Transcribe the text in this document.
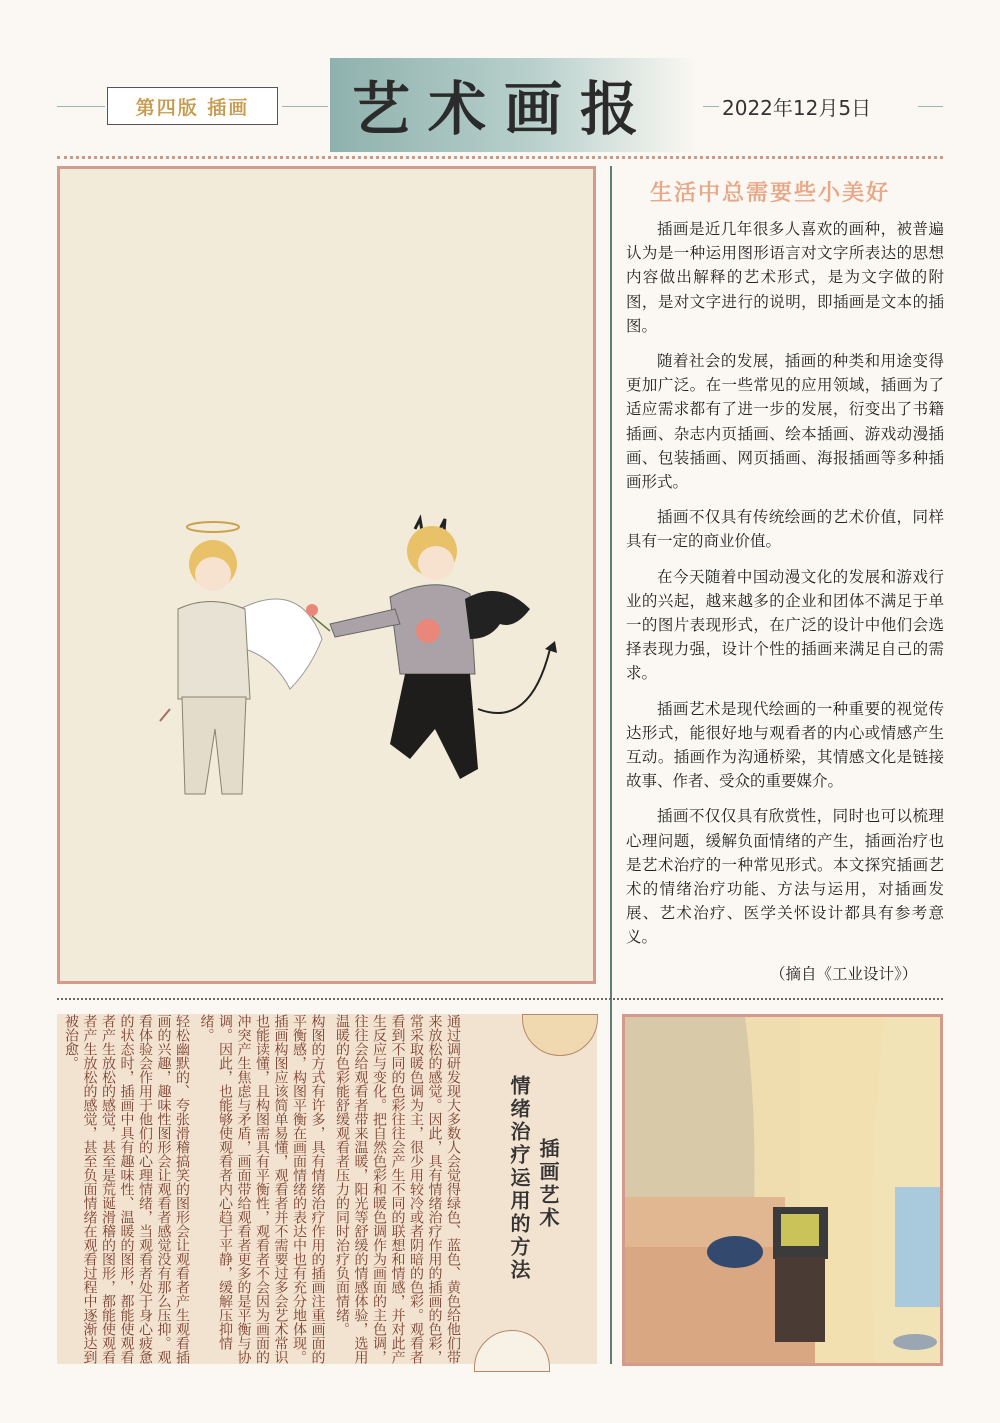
第四版 插画	艺术画报	2022年12月5日
生活中总需要些小美好

插画是近几年很多人喜欢的画种，被普遍认为是一种运用图形语言对文字所表达的思想内容做出解释的艺术形式，是为文字做的附图，是对文字进行的说明，即插画是文本的插图。

随着社会的发展，插画的种类和用途变得更加广泛。在一些常见的应用领域，插画为了适应需求都有了进一步的发展，衍变出了书籍插画、杂志内页插画、绘本插画、游戏动漫插画、包装插画、网页插画、海报插画等多种插画形式。

插画不仅具有传统绘画的艺术价值，同样具有一定的商业价值。

在今天随着中国动漫文化的发展和游戏行业的兴起，越来越多的企业和团体不满足于单一的图片表现形式，在广泛的设计中他们会选择表现力强，设计个性的插画来满足自己的需求。

插画艺术是现代绘画的一种重要的视觉传达形式，能很好地与观看者的内心或情感产生互动。插画作为沟通桥梁，其情感文化是链接故事、作者、受众的重要媒介。

插画不仅仅具有欣赏性，同时也可以梳理心理问题，缓解负面情绪的产生，插画治疗也是艺术治疗的一种常见形式。本文探究插画艺术的情绪治疗功能、方法与运用，对插画发展、艺术治疗、医学关怀设计都具有参考意义。

（摘自《工业设计》）

通过调研发现大多数人会觉得绿色、蓝色、黄色给他们带来放松的感觉。因此，具有情绪治疗作用的插画的色彩，常采取暖色调为主，很少用较冷或者阴暗的色彩。观看者看到不同的色彩往往会产生不同的联想和情感，并对此产生反应与变化。把自然色彩和暖色调作为画面的主色调，往往会给观看者带来温暖，阳光等舒缓的情感体验，选用温暖的色彩能舒缓观看者压力的同时治疗负面情绪。

构图的方式有许多，具有情绪治疗作用的插画注重画面的平衡感，构图平衡在画面情绪的表达中也有充分地体现。插画构图应该简单易懂，观看者并不需要过多会艺术常识也能读懂，且构图需具有平衡性，观看者不会因为画面的冲突产生焦虑与矛盾，画面带给观看者更多的是平衡与协调。因此，也能够使观看者内心趋于平静，缓解压抑情绪。

轻松幽默的、夸张滑稽搞笑的图形会让观看者产生观看插画的兴趣，趣味性图形会让观看者感觉没有那么压抑。观看体验会作用于他们的心理情绪，当观看者处于身心疲惫的状态时，插画中具有趣味性、温暖的图形，都能使观看者产生放松的感觉，甚至是荒诞滑稽的图形，都能使观看者产生放松的感觉，甚至负面情绪在观看过程中逐渐达到被治愈。

插画艺术
情绪治疗运用的方法
